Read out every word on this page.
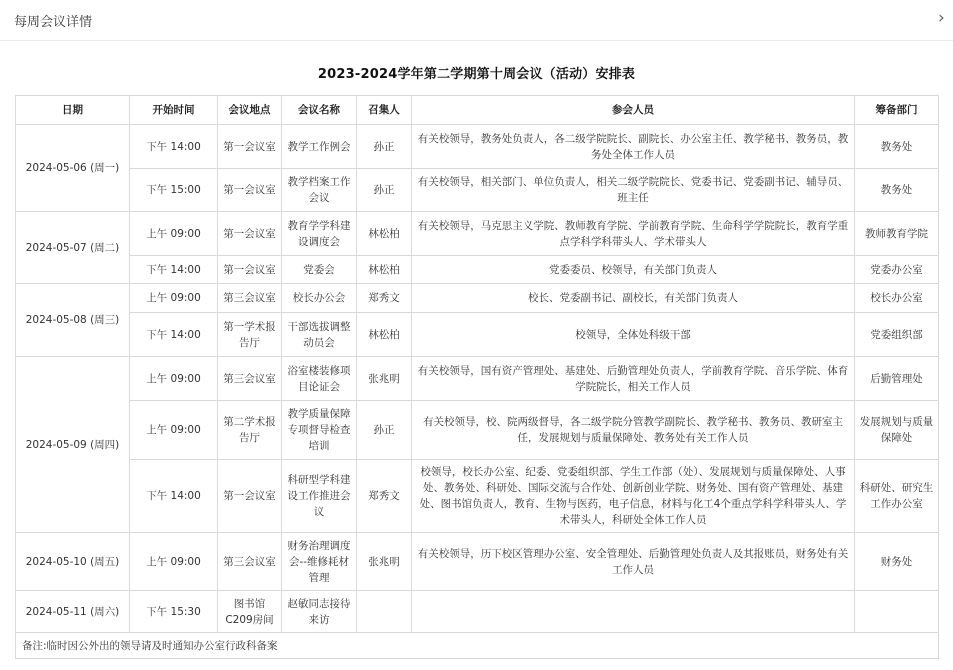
每周会议详情	›
2023-2024学年第二学期第十周会议（活动）安排表
日期	开始时间	会议地点	会议名称	召集人	参会人员	筹备部门
2024-05-06 (周一)	下午 14:00	第一会议室	教学工作例会	孙正	有关校领导，教务处负责人，各二级学院院长、副院长、办公室主任、教学秘书、教务员，教务处全体工作人员	教务处
	下午 15:00	第一会议室	教学档案工作会议	孙正	有关校领导，相关部门、单位负责人，相关二级学院院长、党委书记、党委副书记、辅导员、班主任	教务处
2024-05-07 (周二)	上午 09:00	第一会议室	教育学学科建设调度会	林松柏	有关校领导，马克思主义学院、教师教育学院、学前教育学院、生命科学学院院长，教育学重点学科学科带头人、学术带头人	教师教育学院
	下午 14:00	第一会议室	党委会	林松柏	党委委员、校领导，有关部门负责人	党委办公室
2024-05-08 (周三)	上午 09:00	第三会议室	校长办公会	郑秀文	校长、党委副书记、副校长，有关部门负责人	校长办公室
	下午 14:00	第一学术报告厅	干部选拔调整动员会	林松柏	校领导，全体处科级干部	党委组织部
2024-05-09 (周四)	上午 09:00	第三会议室	浴室楼装修项目论证会	张兆明	有关校领导，国有资产管理处、基建处、后勤管理处负责人，学前教育学院、音乐学院、体育学院院长，相关工作人员	后勤管理处
	上午 09:00	第二学术报告厅	教学质量保障专项督导检查培训	孙正	有关校领导，校、院两级督导，各二级学院分管教学副院长、教学秘书、教务员、教研室主任，发展规划与质量保障处、教务处有关工作人员	发展规划与质量保障处
	下午 14:00	第一会议室	科研型学科建设工作推进会议	郑秀文	校领导，校长办公室、纪委、党委组织部、学生工作部（处）、发展规划与质量保障处、人事处、教务处、科研处、国际交流与合作处、创新创业学院、财务处、国有资产管理处、基建处、图书馆负责人，教育、生物与医药，电子信息，材料与化工4个重点学科学科带头人、学术带头人，科研处全体工作人员	科研处、研究生工作办公室
2024-05-10 (周五)	上午 09:00	第三会议室	财务治理调度会--维修耗材管理	张兆明	有关校领导，历下校区管理办公室、安全管理处、后勤管理处负责人及其报账员，财务处有关工作人员	财务处
2024-05-11 (周六)	下午 15:30	图书馆C209房间	赵敏同志接待来访			
备注:临时因公外出的领导请及时通知办公室行政科备案						
